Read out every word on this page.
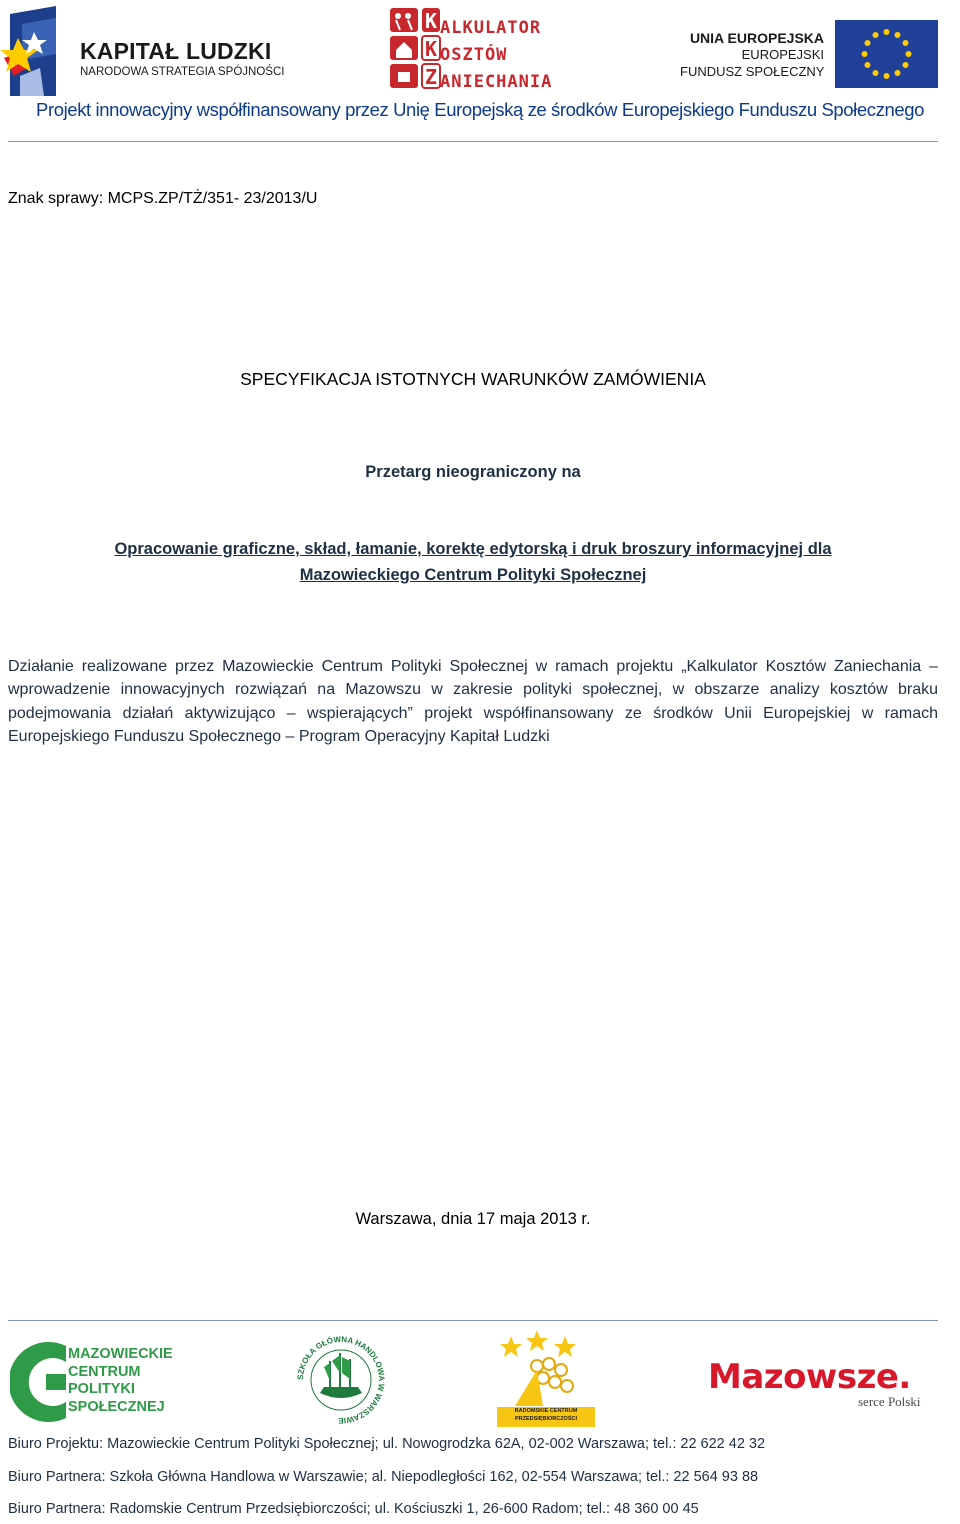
KAPITAŁ LUDZKI
NARODOWA STRATEGIA SPÓJNOŚCI
K
K
Z
ALKULATOR
OSZTÓW
ANIECHANIA
UNIA EUROPEJSKA
EUROPEJSKI
FUNDUSZ SPOŁECZNY
Projekt innowacyjny współfinansowany przez Unię Europejską ze środków Europejskiego Funduszu Społecznego
Znak sprawy: MCPS.ZP/TŻ/351- 23/2013/U
SPECYFIKACJA ISTOTNYCH WARUNKÓW ZAMÓWIENIA
Przetarg nieograniczony na
Opracowanie graficzne, skład, łamanie, korektę edytorską i druk broszury informacyjnej dla Mazowieckiego Centrum Polityki Społecznej
Działanie realizowane przez Mazowieckie Centrum Polityki Społecznej w ramach projektu „Kalkulator Kosztów Zaniechania – wprowadzenie innowacyjnych rozwiązań na Mazowszu w zakresie polityki społecznej, w obszarze analizy kosztów braku podejmowania działań aktywizująco – wspierających” projekt współfinansowany ze środków Unii Europejskiej w ramach Europejskiego Funduszu Społecznego – Program Operacyjny Kapitał Ludzki
Warszawa, dnia 17 maja 2013 r.
MAZOWIECKIE
CENTRUM
POLITYKI
SPOŁECZNEJ
SZKOŁA GŁÓWNA HANDLOWA W WARSZAWIE
RADOMSKIE CENTRUM PRZEDSIĘBIORCZOŚCI
Mazowsze.
serce Polski
Biuro Projektu: Mazowieckie Centrum Polityki Społecznej; ul. Nowogrodzka 62A, 02-002 Warszawa; tel.: 22 622 42 32
Biuro Partnera: Szkoła Główna Handlowa w Warszawie; al. Niepodległości 162, 02-554 Warszawa; tel.: 22 564 93 88
Biuro Partnera: Radomskie Centrum Przedsiębiorczości; ul. Kościuszki 1, 26-600 Radom; tel.: 48 360 00 45
